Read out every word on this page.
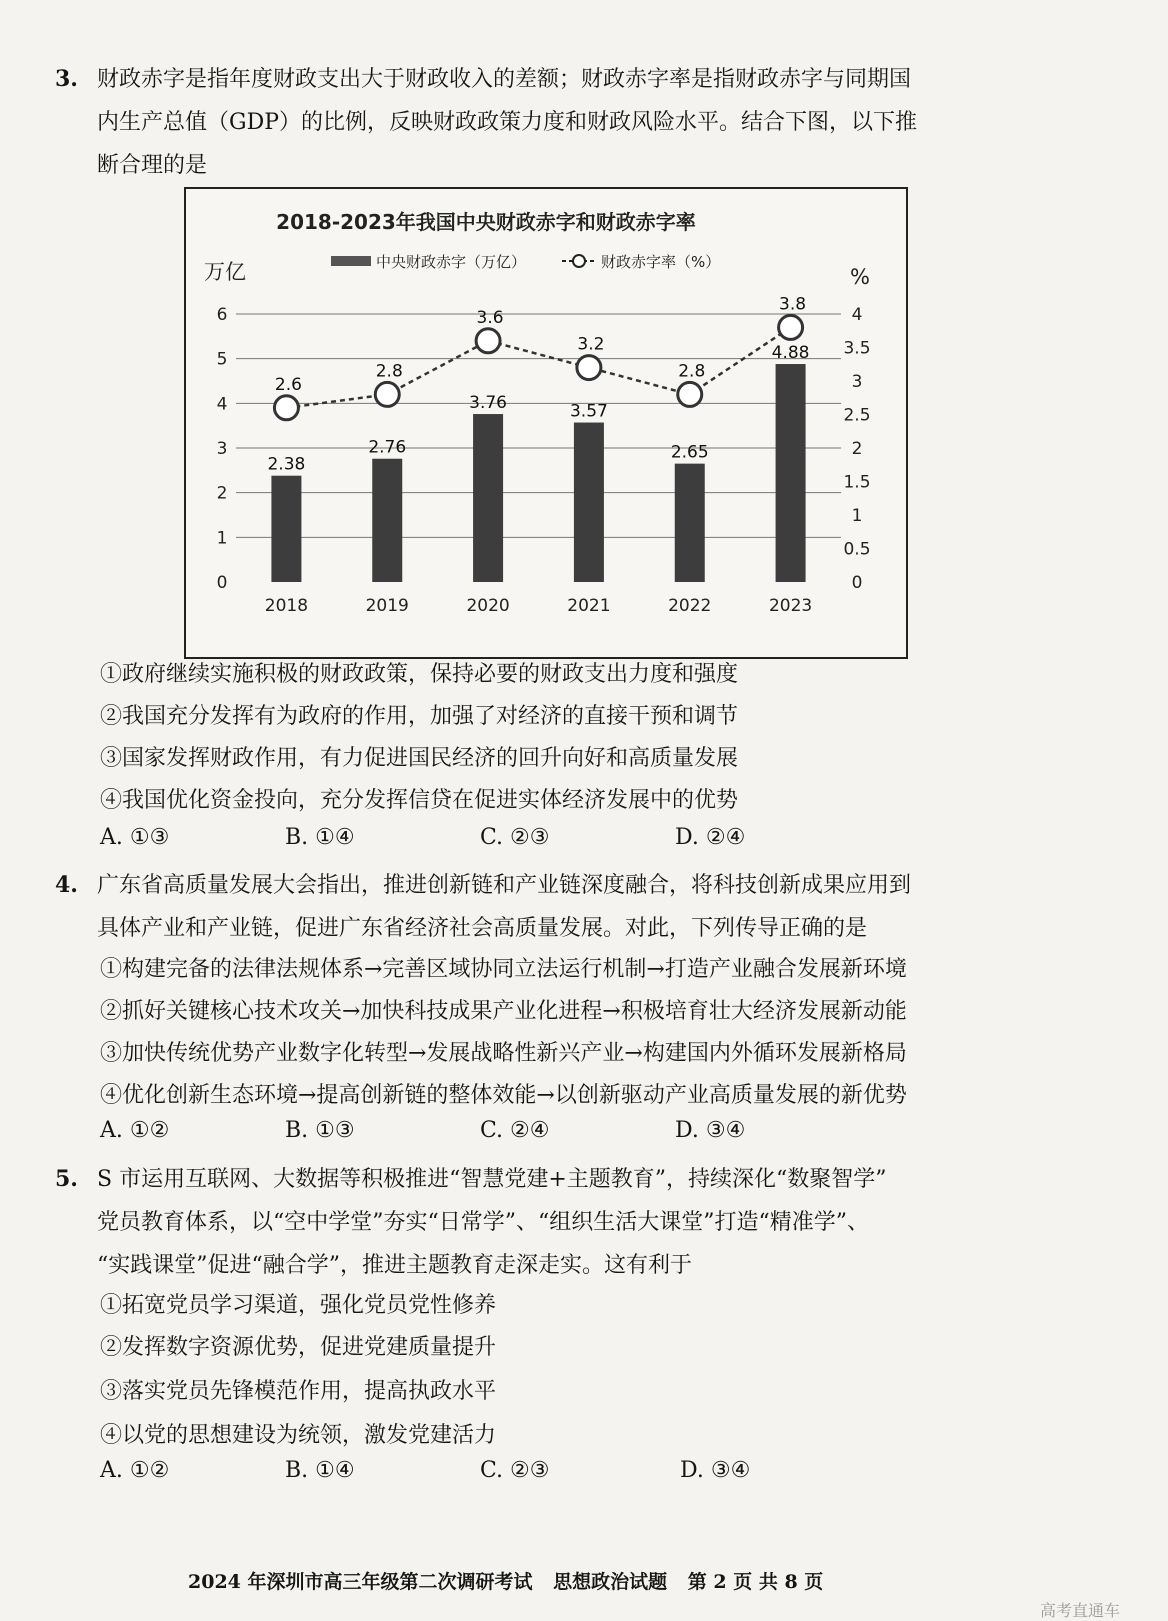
3. 财政赤字是指年度财政支出大于财政收入的差额；财政赤字率是指财政赤字与同期国
内生产总值（GDP）的比例，反映财政政策力度和财政风险水平。结合下图，以下推
断合理的是
2018-2023年我国中央财政赤字和财政赤字率
中央财政赤字（万亿）	财政赤字率（%）
万亿	%
0
1
2
3
4
5
6
0
0.5
1
1.5
2
2.5
3
3.5
4
2.38
2.76
3.76	3.57
2.65
4.88
2.6
2.8
3.6
3.2
2.8
3.8
2018	2019	2020	2021	2022	2023
①政府继续实施积极的财政政策，保持必要的财政支出力度和强度
②我国充分发挥有为政府的作用，加强了对经济的直接干预和调节
③国家发挥财政作用，有力促进国民经济的回升向好和高质量发展
④我国优化资金投向，充分发挥信贷在促进实体经济发展中的优势
A. ①③	B. ①④	C. ②③	D. ②④
4. 广东省高质量发展大会指出，推进创新链和产业链深度融合，将科技创新成果应用到
具体产业和产业链，促进广东省经济社会高质量发展。对此，下列传导正确的是
①构建完备的法律法规体系→完善区域协同立法运行机制→打造产业融合发展新环境
②抓好关键核心技术攻关→加快科技成果产业化进程→积极培育壮大经济发展新动能
③加快传统优势产业数字化转型→发展战略性新兴产业→构建国内外循环发展新格局
④优化创新生态环境→提高创新链的整体效能→以创新驱动产业高质量发展的新优势
A. ①②	B. ①③	C. ②④	D. ③④
5. S 市运用互联网、大数据等积极推进“智慧党建+主题教育”，持续深化“数聚智学”
党员教育体系，以“空中学堂”夯实“日常学”、“组织生活大课堂”打造“精准学”、
“实践课堂”促进“融合学”，推进主题教育走深走实。这有利于
①拓宽党员学习渠道，强化党员党性修养
②发挥数字资源优势，促进党建质量提升
③落实党员先锋模范作用，提高执政水平
④以党的思想建设为统领，激发党建活力
A. ①②	B. ①④	C. ②③	D. ③④
2024 年深圳市高三年级第二次调研考试 思想政治试题 第 2 页 共 8 页
高考直通车
